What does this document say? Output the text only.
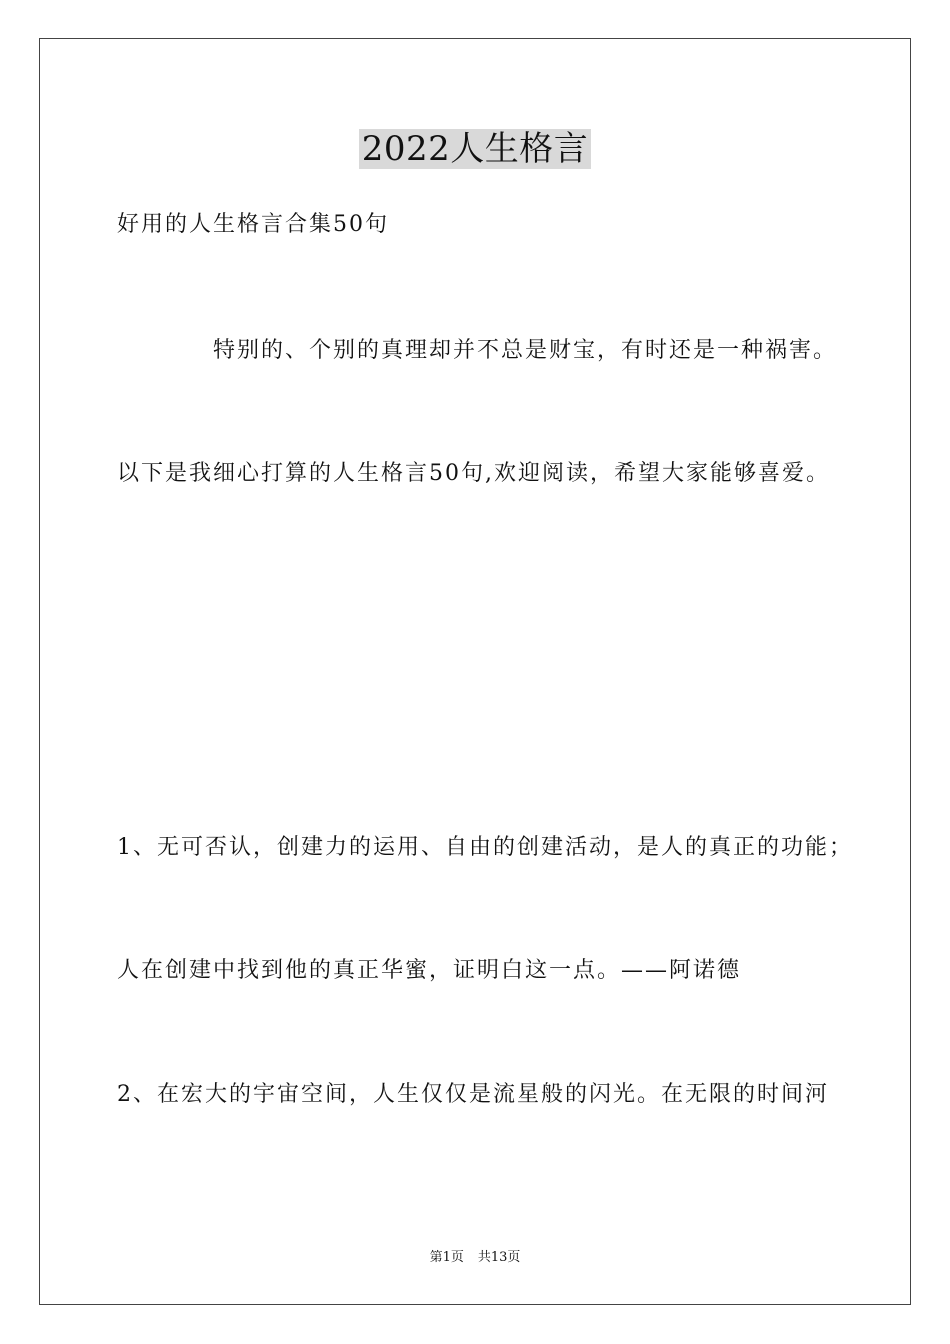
2022人生格言
好用的人生格言合集50句
特别的、个别的真理却并不总是财宝，有时还是一种祸害。
以下是我细心打算的人生格言50句,欢迎阅读，希望大家能够喜爱。
1、无可否认，创建力的运用、自由的创建活动，是人的真正的功能；
人在创建中找到他的真正华蜜，证明白这一点。——阿诺德
2、在宏大的宇宙空间，人生仅仅是流星般的闪光。在无限的时间河
第1页 共13页
